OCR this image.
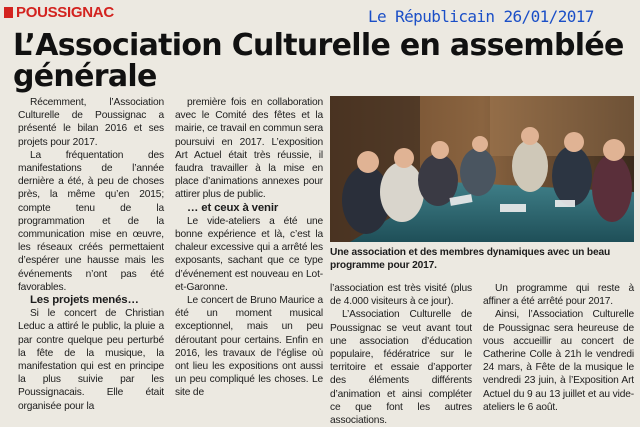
POUSSIGNAC	Le Républicain 26/01/2017
L’Association Culturelle en assemblée générale

Récemment, l’Association Culturelle de Poussignac a présenté le bilan 2016 et ses projets pour 2017.

La fréquentation des manifestations de l’année dernière a été, à peu de choses près, la même qu’en 2015; compte tenu de la programmation et de la communication mise en œuvre, les réseaux créés permettaient d’espérer une hausse mais les événements n’ont pas été favorables.

Les projets menés…

Si le concert de Christian Leduc a attiré le public, la pluie a par contre quelque peu perturbé la fête de la musique, la manifestation qui est en principe la plus suivie par les Poussignacais. Elle était organisée pour la

première fois en collaboration avec le Comité des fêtes et la mairie, ce travail en commun sera poursuivi en 2017. L’exposition Art Actuel était très réussie, il faudra travailler à la mise en place d’animations annexes pour attirer plus de public.

… et ceux à venir

Le vide-ateliers a été une bonne expérience et là, c’est la chaleur excessive qui a arrêté les exposants, sachant que ce type d’événement est nouveau en Lot-et-Garonne.

Le concert de Bruno Maurice a été un moment musical exceptionnel, mais un peu déroutant pour certains. Enfin en 2016, les travaux de l’église où ont lieu les expositions ont aussi un peu compliqué les choses. Le site de

Une association et des membres dynamiques avec un beau programme pour 2017.

l’association est très visité (plus de 4.000 visiteurs à ce jour).

L’Association Culturelle de Poussignac se veut avant tout une association d’éducation populaire, fédératrice sur le territoire et essaie d’apporter des éléments différents d’animation et ainsi compléter ce que font les autres associations.

Un programme qui reste à affiner a été arrêté pour 2017.

Ainsi, l’Association Culturelle de Poussignac sera heureuse de vous accueillir au concert de Catherine Colle à 21h le vendredi 24 mars, à Fête de la musique le vendredi 23 juin, à l’Exposition Art Actuel du 9 au 13 juillet et au vide-ateliers le 6 août.
